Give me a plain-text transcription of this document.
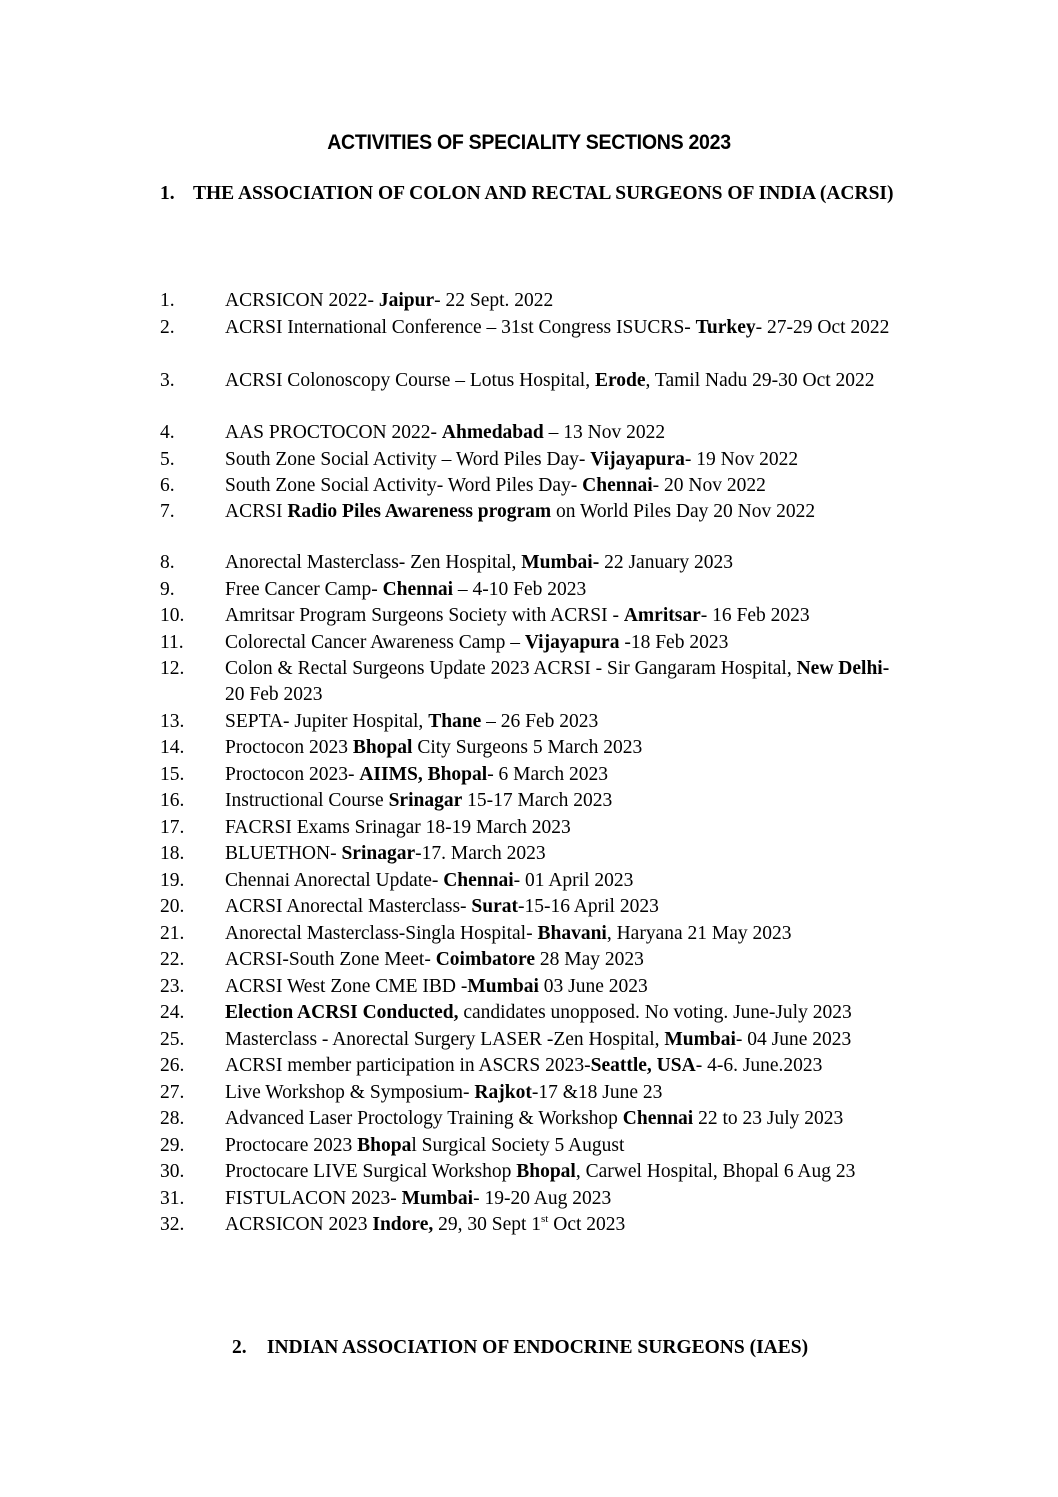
ACTIVITIES OF SPECIALITY SECTIONS 2023
1. THE ASSOCIATION OF COLON AND RECTAL SURGEONS OF INDIA (ACRSI)
1.	ACRSICON 2022- Jaipur- 22 Sept. 2022
2.	ACRSI International Conference – 31st Congress ISUCRS- Turkey- 27-29 Oct 2022
3.	ACRSI Colonoscopy Course – Lotus Hospital, Erode, Tamil Nadu 29-30 Oct 2022
4.	AAS PROCTOCON 2022- Ahmedabad – 13 Nov 2022
5.	South Zone Social Activity – Word Piles Day- Vijayapura- 19 Nov 2022
6.	South Zone Social Activity- Word Piles Day- Chennai- 20 Nov 2022
7.	ACRSI Radio Piles Awareness program on World Piles Day 20 Nov 2022
8.	Anorectal Masterclass- Zen Hospital, Mumbai- 22 January 2023
9.	Free Cancer Camp- Chennai – 4-10 Feb 2023
10. Amritsar Program Surgeons Society with ACRSI - Amritsar- 16 Feb 2023
11. Colorectal Cancer Awareness Camp – Vijayapura -18 Feb 2023
12. Colon & Rectal Surgeons Update 2023 ACRSI - Sir Gangaram Hospital, New Delhi-     20 Feb 2023
13. SEPTA- Jupiter Hospital, Thane – 26 Feb 2023
14. Proctocon 2023 Bhopal City Surgeons 5 March 2023
15. Proctocon 2023- AIIMS, Bhopal- 6 March 2023
16. Instructional Course Srinagar 15-17 March 2023
17. FACRSI Exams Srinagar 18-19 March 2023
18. BLUETHON- Srinagar-17. March 2023
19. Chennai Anorectal Update- Chennai- 01 April 2023
20. ACRSI Anorectal Masterclass- Surat-15-16 April 2023
21. Anorectal Masterclass-Singla Hospital- Bhavani, Haryana 21 May 2023
22. ACRSI-South Zone Meet- Coimbatore 28 May 2023
23. ACRSI West Zone CME IBD -Mumbai 03 June 2023
24. Election ACRSI Conducted, candidates unopposed. No voting. June-July 2023
25. Masterclass - Anorectal Surgery LASER -Zen Hospital, Mumbai- 04 June 2023
26. ACRSI member participation in ASCRS 2023-Seattle, USA- 4-6. June.2023
27. Live Workshop & Symposium- Rajkot-17 &18 June 23
28. Advanced Laser Proctology Training & Workshop Chennai 22 to 23 July 2023
29. Proctocare 2023 Bhopal Surgical Society 5 August
30. Proctocare LIVE Surgical Workshop Bhopal, Carwel Hospital, Bhopal 6 Aug 23
31. FISTULACON 2023- Mumbai- 19-20 Aug 2023
32. ACRSICON 2023 Indore, 29, 30 Sept 1st Oct 2023
2. INDIAN ASSOCIATION OF ENDOCRINE SURGEONS (IAES)
